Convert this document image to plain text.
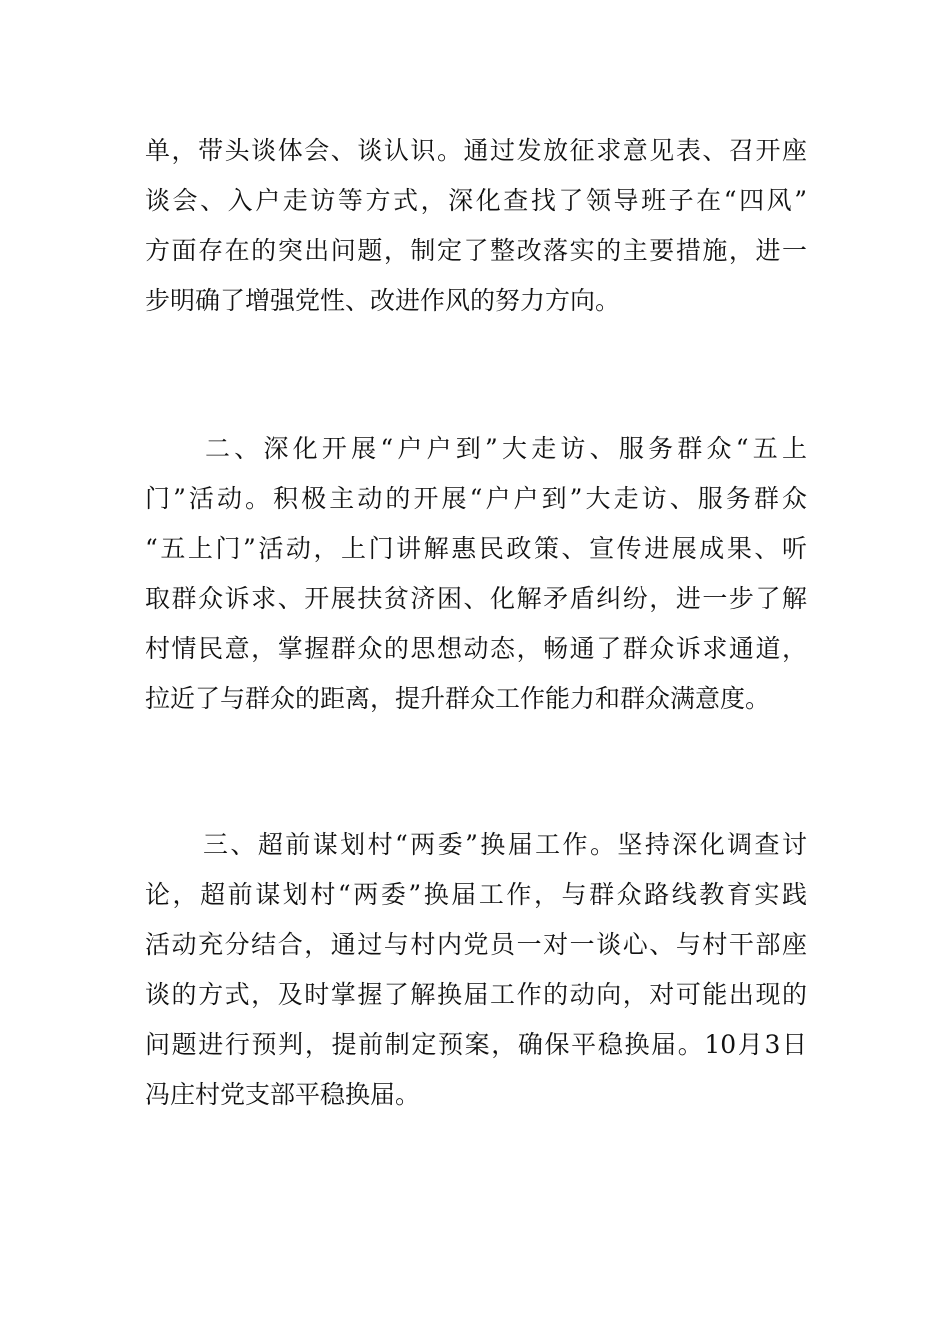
单，带头谈体会、谈认识。通过发放征求意见表、召开座
谈会、入户走访等方式，深化查找了领导班子在“四风”
方面存在的突出问题，制定了整改落实的主要措施，进一
步明确了增强党性、改进作风的努力方向。
二、深化开展“户户到”大走访、服务群众“五上
门”活动。积极主动的开展“户户到”大走访、服务群众
“五上门”活动，上门讲解惠民政策、宣传进展成果、听
取群众诉求、开展扶贫济困、化解矛盾纠纷，进一步了解
村情民意，掌握群众的思想动态，畅通了群众诉求通道，
拉近了与群众的距离，提升群众工作能力和群众满意度。
三、超前谋划村“两委”换届工作。坚持深化调查讨
论，超前谋划村“两委”换届工作，与群众路线教育实践
活动充分结合，通过与村内党员一对一谈心、与村干部座
谈的方式，及时掌握了解换届工作的动向，对可能出现的
问题进行预判，提前制定预案，确保平稳换届。10月3日
冯庄村党支部平稳换届。
